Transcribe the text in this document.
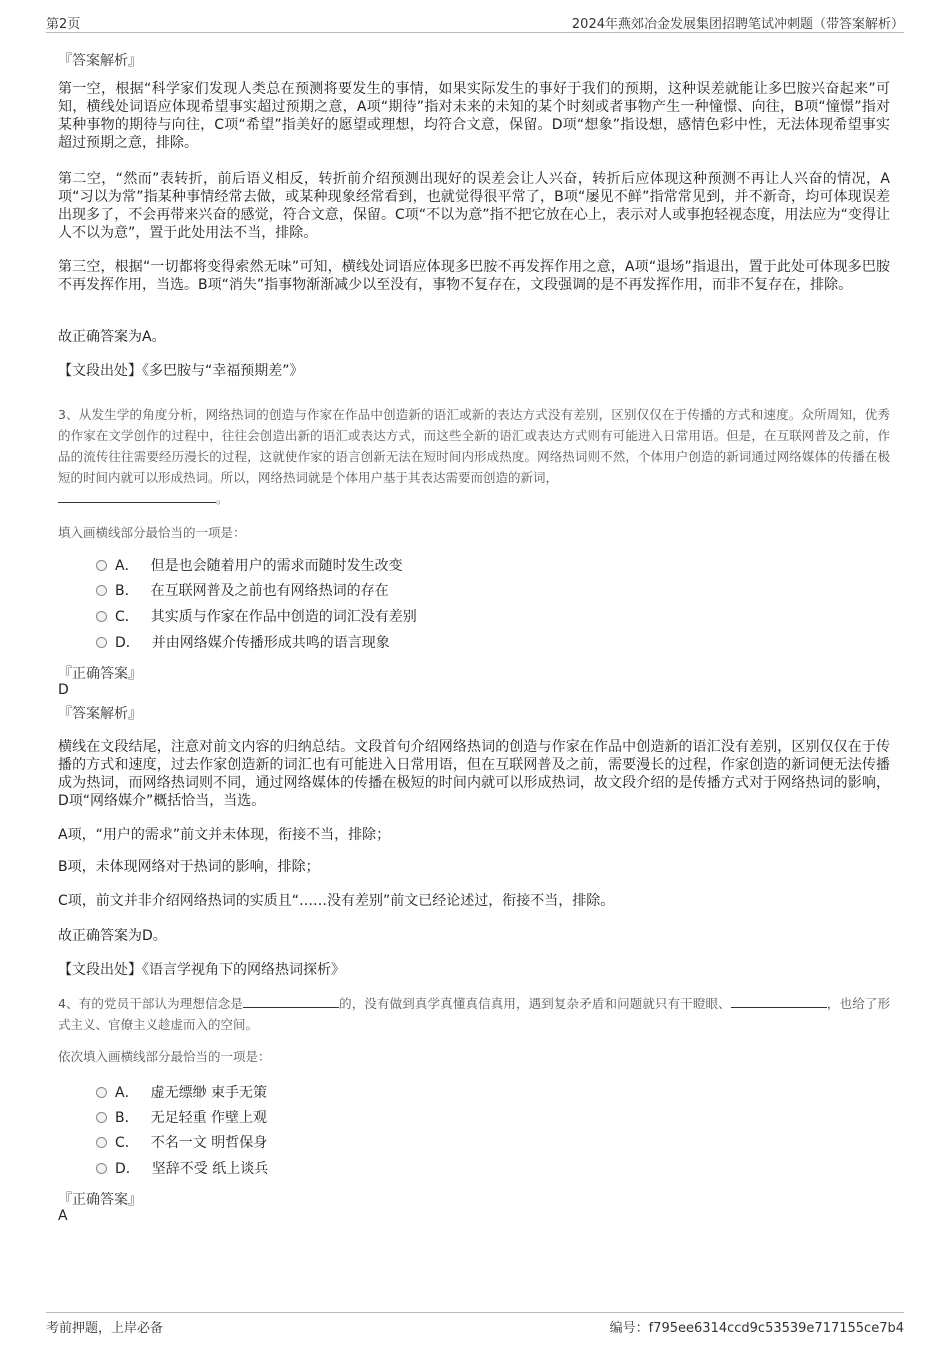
第2页	2024年燕郊冶金发展集团招聘笔试冲刺题（带答案解析）
『答案解析』
第一空，根据“科学家们发现人类总在预测将要发生的事情，如果实际发生的事好于我们的预期，这种误差就能让多巴胺兴奋起来”可知，横线处词语应体现希望事实超过预期之意，A项“期待”指对未来的未知的某个时刻或者事物产生一种憧憬、向往，B项“憧憬”指对某种事物的期待与向往，C项“希望”指美好的愿望或理想，均符合文意，保留。D项“想象”指设想，感情色彩中性，无法体现希望事实超过预期之意，排除。
第二空，“然而”表转折，前后语义相反，转折前介绍预测出现好的误差会让人兴奋，转折后应体现这种预测不再让人兴奋的情况，A项“习以为常”指某种事情经常去做，或某种现象经常看到，也就觉得很平常了，B项“屡见不鲜”指常常见到，并不新奇，均可体现误差出现多了，不会再带来兴奋的感觉，符合文意，保留。C项“不以为意”指不把它放在心上，表示对人或事抱轻视态度，用法应为“变得让人不以为意”，置于此处用法不当，排除。
第三空，根据“一切都将变得索然无味”可知，横线处词语应体现多巴胺不再发挥作用之意，A项“退场”指退出，置于此处可体现多巴胺不再发挥作用，当选。B项“消失”指事物渐渐减少以至没有，事物不复存在，文段强调的是不再发挥作用，而非不复存在，排除。
故正确答案为A。
【文段出处】《多巴胺与“幸福预期差”》
3、从发生学的角度分析，网络热词的创造与作家在作品中创造新的语汇或新的表达方式没有差别，区别仅仅在于传播的方式和速度。众所周知，优秀的作家在文学创作的过程中，往往会创造出新的语汇或表达方式，而这些全新的语汇或表达方式则有可能进入日常用语。但是，在互联网普及之前，作品的流传往往需要经历漫长的过程，这就使作家的语言创新无法在短时间内形成热度。网络热词则不然，个体用户创造的新词通过网络媒体的传播在极短的时间内就可以形成热词。所以，网络热词就是个体用户基于其表达需要而创造的新词，
。
填入画横线部分最恰当的一项是：
A． 但是也会随着用户的需求而随时发生改变
B． 在互联网普及之前也有网络热词的存在
C． 其实质与作家在作品中创造的词汇没有差别
D． 并由网络媒介传播形成共鸣的语言现象
『正确答案』
D
『答案解析』
横线在文段结尾，注意对前文内容的归纳总结。文段首句介绍网络热词的创造与作家在作品中创造新的语汇没有差别，区别仅仅在于传播的方式和速度，过去作家创造新的词汇也有可能进入日常用语，但在互联网普及之前，需要漫长的过程，作家创造的新词便无法传播成为热词，而网络热词则不同，通过网络媒体的传播在极短的时间内就可以形成热词，故文段介绍的是传播方式对于网络热词的影响，D项“网络媒介”概括恰当，当选。
A项，“用户的需求”前文并未体现，衔接不当，排除；
B项，未体现网络对于热词的影响，排除；
C项，前文并非介绍网络热词的实质且“……没有差别”前文已经论述过，衔接不当，排除。
故正确答案为D。
【文段出处】《语言学视角下的网络热词探析》
4、有的党员干部认为理想信念是	的，没有做到真学真懂真信真用，遇到复杂矛盾和问题就只有干瞪眼、	，也给了形式主义、官僚主义趁虚而入的空间。
依次填入画横线部分最恰当的一项是：
A． 虚无缥缈 束手无策
B． 无足轻重 作壁上观
C． 不名一文 明哲保身
D． 坚辞不受 纸上谈兵
『正确答案』
A
考前押题，上岸必备	编号：f795ee6314ccd9c53539e717155ce7b4
